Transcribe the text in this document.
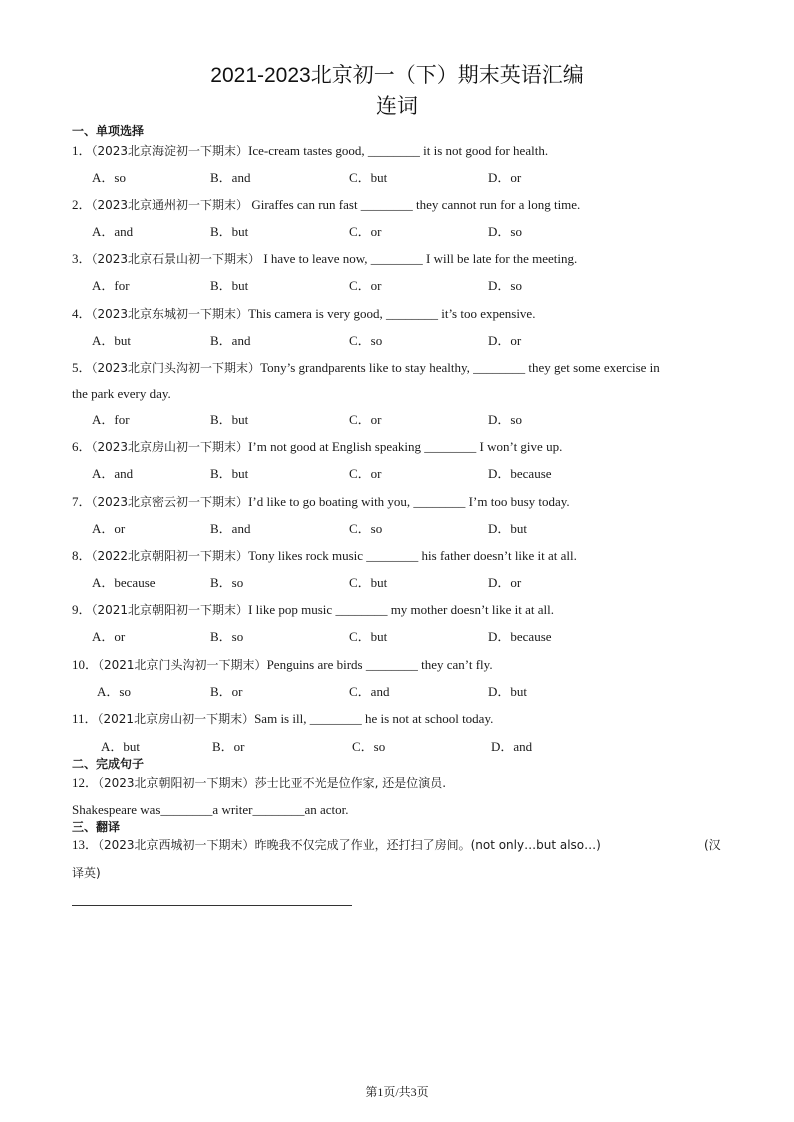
2021-2023北京初一（下）期末英语汇编
连词
一、单项选择
1．（2023北京海淀初一下期末）Ice-cream tastes good, ________ it is not good for health.
A．so	B．and	C．but	D．or
2．（2023北京通州初一下期末） Giraffes can run fast ________ they cannot run for a long time.
A．and	B．but	C．or	D．so
3．（2023北京石景山初一下期末） I have to leave now, ________ I will be late for the meeting.
A．for	B．but	C．or	D．so
4．（2023北京东城初一下期末）This camera is very good, ________ it’s too expensive.
A．but	B．and	C．so	D．or
5．（2023北京门头沟初一下期末）Tony’s grandparents like to stay healthy, ________ they get some exercise in
the park every day.
A．for	B．but	C．or	D．so
6．（2023北京房山初一下期末）I’m not good at English speaking ________ I won’t give up.
A．and	B．but	C．or	D．because
7．（2023北京密云初一下期末）I’d like to go boating with you, ________ I’m too busy today.
A．or	B．and	C．so	D．but
8．（2022北京朝阳初一下期末）Tony likes rock music ________ his father doesn’t like it at all.
A．because	B．so	C．but	D．or
9．（2021北京朝阳初一下期末）I like pop music ________ my mother doesn’t like it at all.
A．or	B．so	C．but	D．because
10．（2021北京门头沟初一下期末）Penguins are birds ________ they can’t fly.
A．so	B．or	C．and	D．but
11．（2021北京房山初一下期末）Sam is ill, ________ he is not at school today.
A．but	B．or	C．so	D．and
二、完成句子
12．（2023北京朝阳初一下期末）莎士比亚不光是位作家, 还是位演员.
Shakespeare was________a writer________an actor.
三、翻译
13．（2023北京西城初一下期末）昨晚我不仅完成了作业，还打扫了房间。(not only…but also…)	(汉
译英)
第1页/共3页
